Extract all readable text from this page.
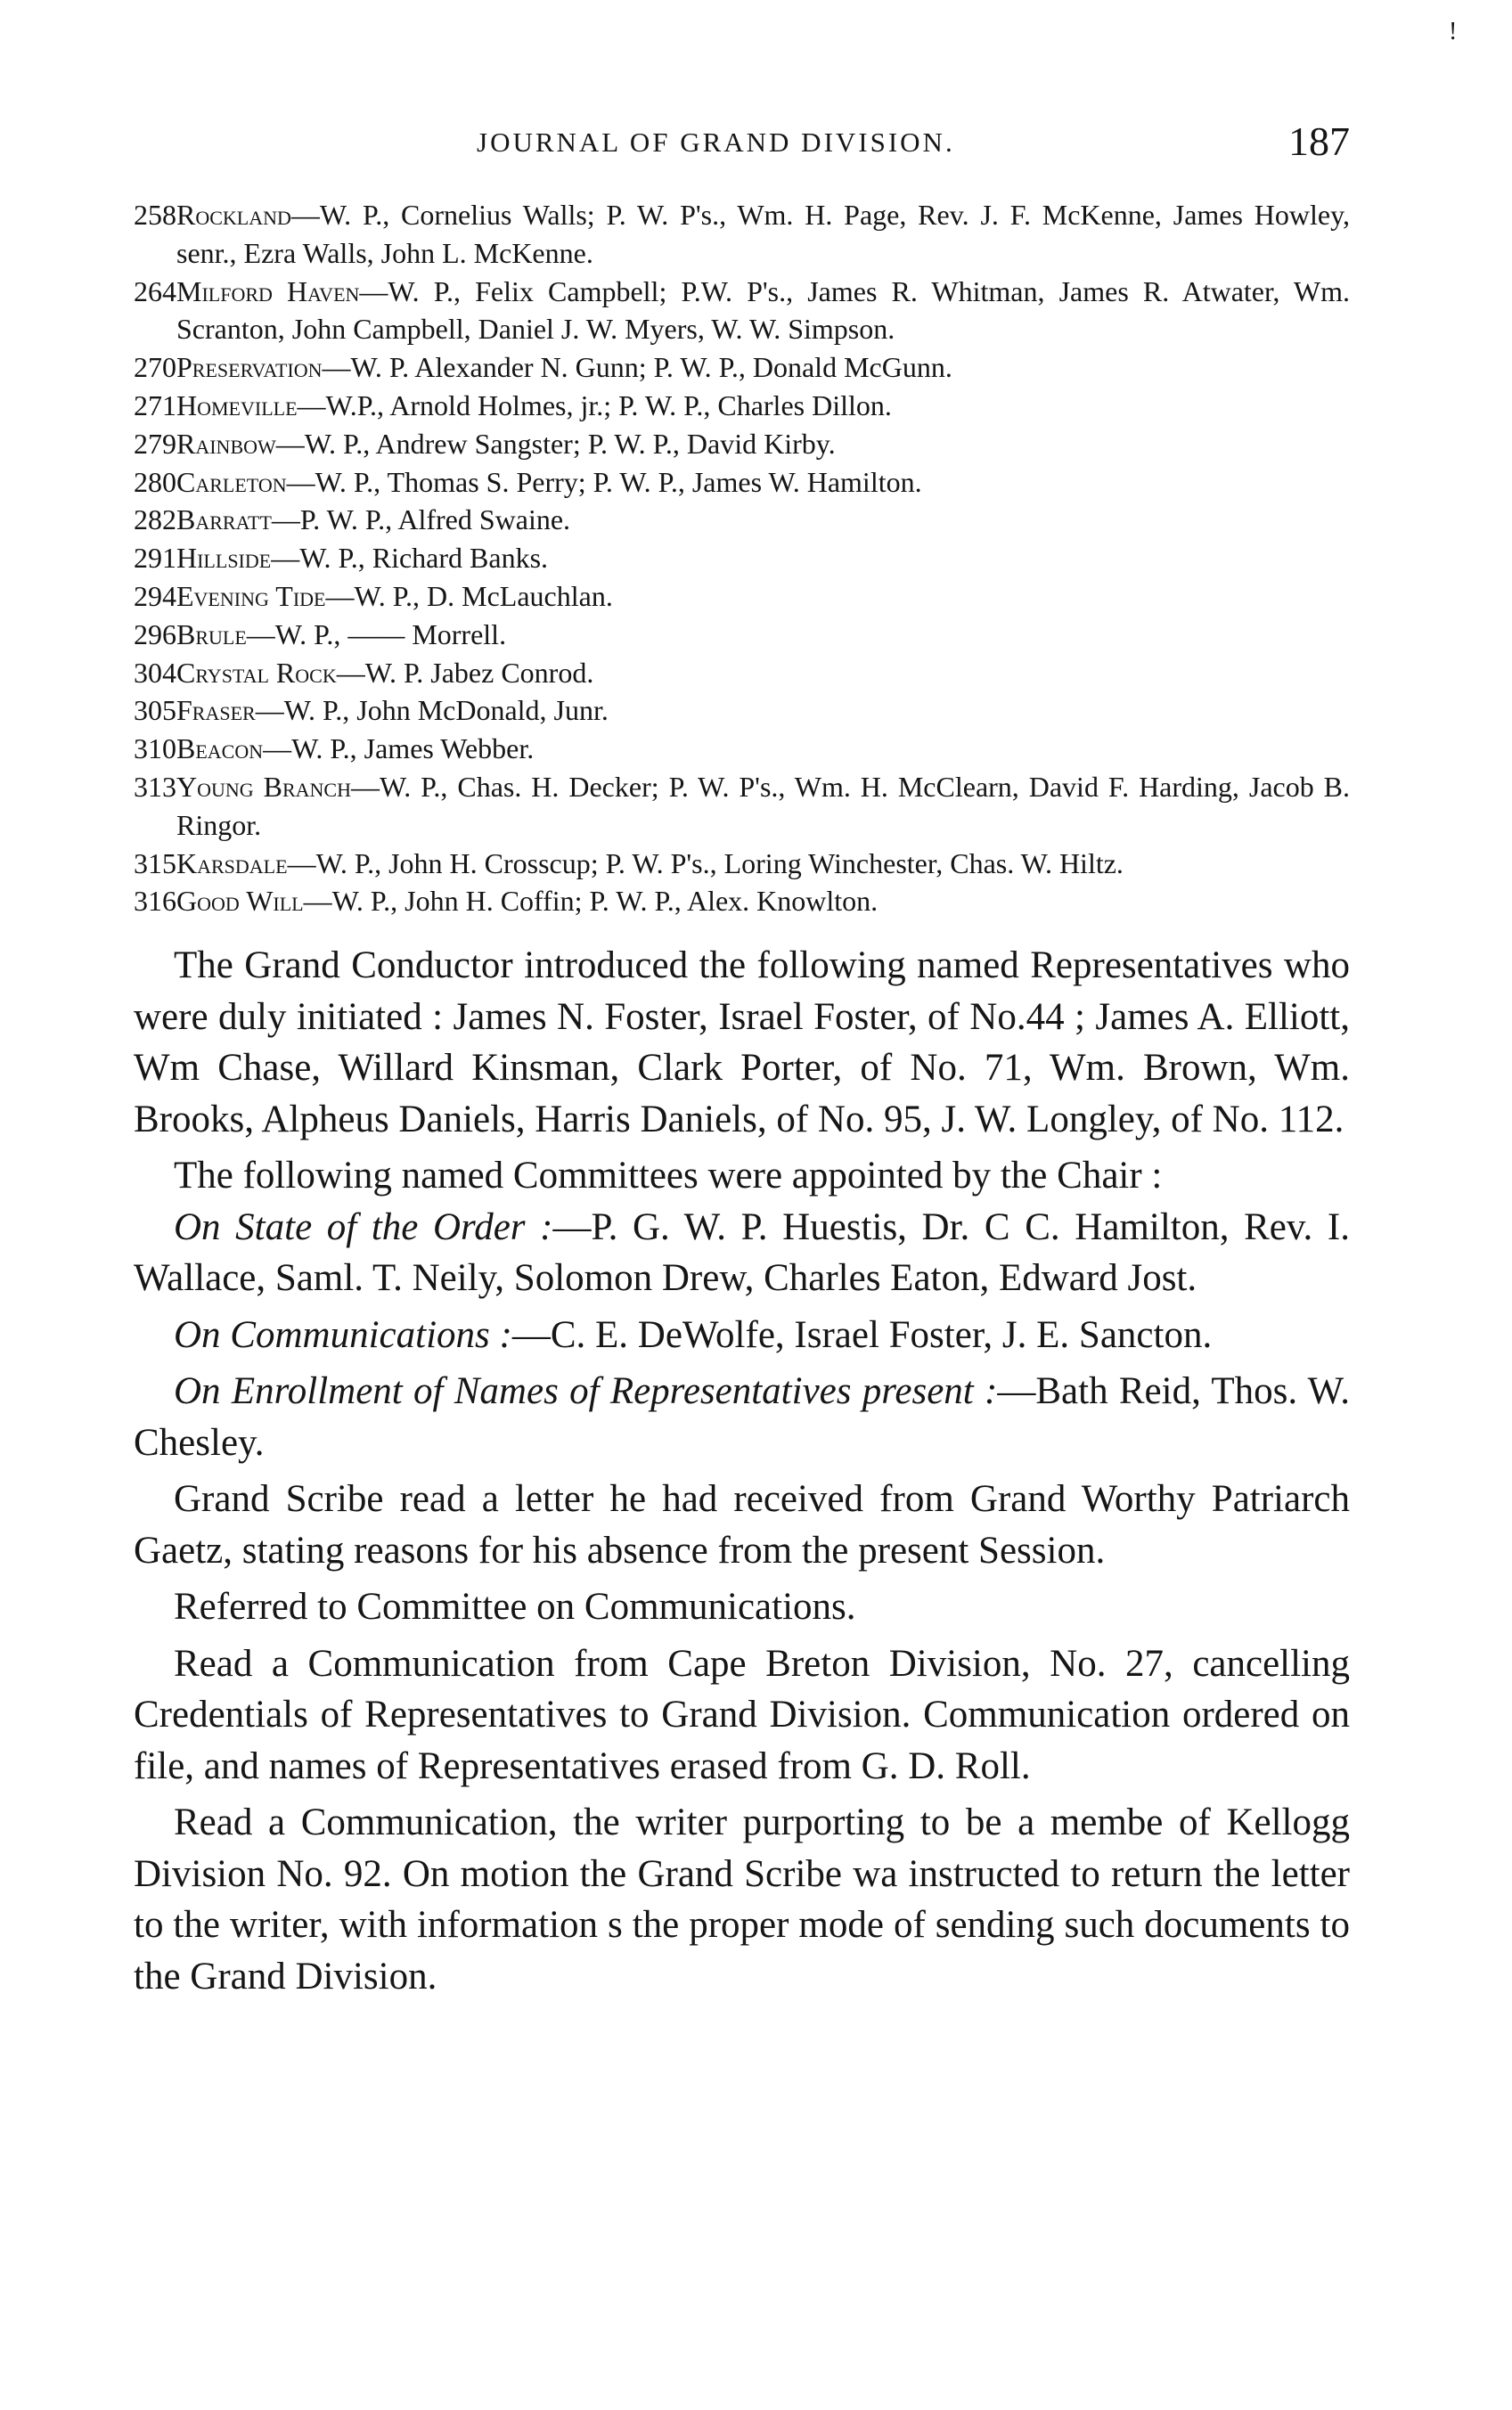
!
JOURNAL OF GRAND DIVISION.	187
258Rockland—W. P., Cornelius Walls; P. W. P's., Wm. H. Page, Rev. J. F. McKenne, James Howley, senr., Ezra Walls, John L. McKenne.
264Milford Haven—W. P., Felix Campbell; P.W. P's., James R. Whitman, James R. Atwater, Wm. Scranton, John Campbell, Daniel J. W. Myers, W. W. Simpson.
270Preservation—W. P. Alexander N. Gunn; P. W. P., Donald McGunn.
271Homeville—W.P., Arnold Holmes, jr.; P. W. P., Charles Dillon.
279Rainbow—W. P., Andrew Sangster; P. W. P., David Kirby.
280Carleton—W. P., Thomas S. Perry; P. W. P., James W. Hamilton.
282Barratt—P. W. P., Alfred Swaine.
291Hillside—W. P., Richard Banks.
294Evening Tide—W. P., D. McLauchlan.
296Brule—W. P., —— Morrell.
304Crystal Rock—W. P. Jabez Conrod.
305Fraser—W. P., John McDonald, Junr.
310Beacon—W. P., James Webber.
313Young Branch—W. P., Chas. H. Decker; P. W. P's., Wm. H. McClearn, David F. Harding, Jacob B. Ringor.
315Karsdale—W. P., John H. Crosscup; P. W. P's., Loring Winchester, Chas. W. Hiltz.
316Good Will—W. P., John H. Coffin; P. W. P., Alex. Knowlton.

The Grand Conductor introduced the following named Representatives who were duly initiated : James N. Foster, Israel Foster, of No.44 ; James A. Elliott, Wm Chase, Willard Kinsman, Clark Porter, of No. 71, Wm. Brown, Wm. Brooks, Alpheus Daniels, Harris Daniels, of No. 95, J. W. Longley, of No. 112.

The following named Committees were appointed by the Chair :

On State of the Order :—P. G. W. P. Huestis, Dr. C C. Hamilton, Rev. I. Wallace, Saml. T. Neily, Solomon Drew, Charles Eaton, Edward Jost.

On Communications :—C. E. DeWolfe, Israel Foster, J. E. Sancton.

On Enrollment of Names of Representatives present :—Bath Reid, Thos. W. Chesley.

Grand Scribe read a letter he had received from Grand Worthy Patriarch Gaetz, stating reasons for his absence from the present Session.

Referred to Committee on Communications.

Read a Communication from Cape Breton Division, No. 27, cancelling Credentials of Representatives to Grand Division. Communication ordered on file, and names of Representatives erased from G. D. Roll.

Read a Communication, the writer purporting to be a membe of Kellogg Division No. 92. On motion the Grand Scribe wa instructed to return the letter to the writer, with information s the proper mode of sending such documents to the Grand Division.
